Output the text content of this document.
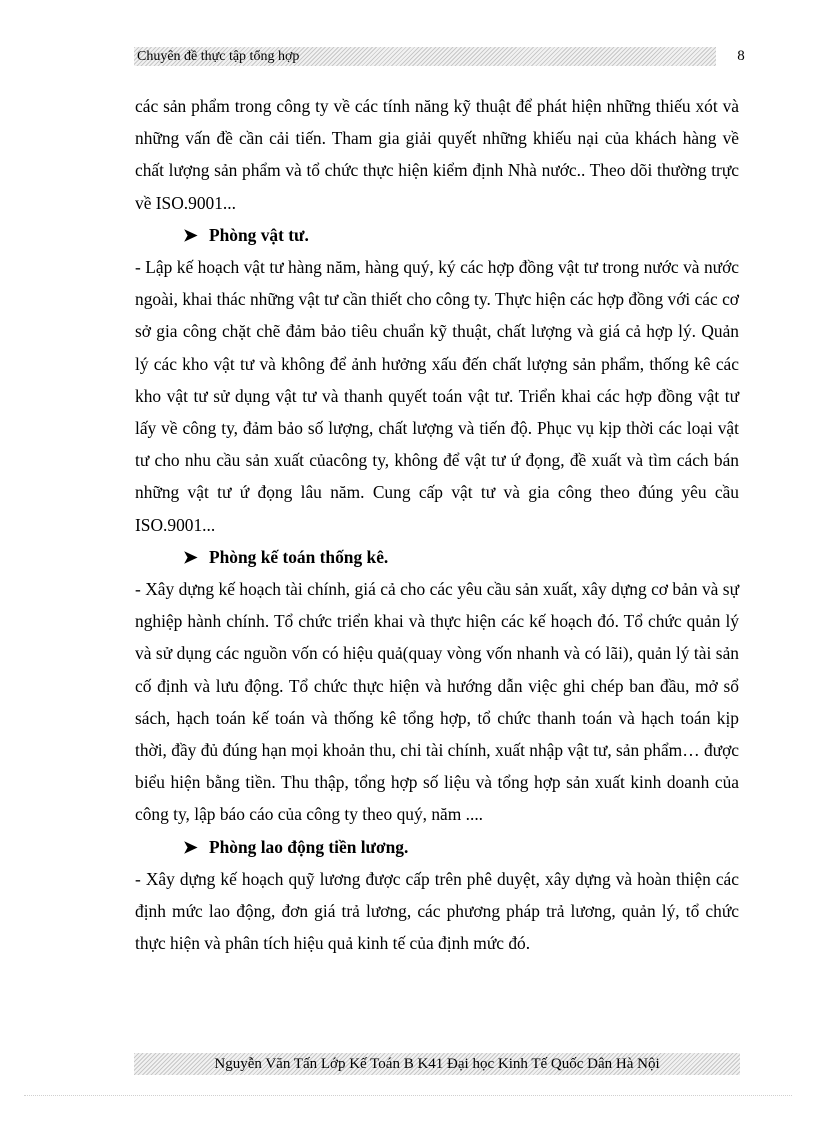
Chuyên đề thực tập tổng hợp	8

các sản phẩm trong công ty về các tính năng kỹ thuật để phát hiện những thiếu xót và những vấn đề cần cải tiến. Tham gia giải quyết những khiếu nại của khách hàng về chất lượng sản phẩm và tổ chức thực hiện kiểm định Nhà nước.. Theo dõi thường trực về ISO.9001...

➤ Phòng vật tư.

- Lập kế hoạch vật tư hàng năm, hàng quý, ký các hợp đồng vật tư trong nước và nước ngoài, khai thác những vật tư cần thiết cho công ty. Thực hiện các hợp đồng với các cơ sở gia công chặt chẽ đảm bảo tiêu chuẩn kỹ thuật, chất lượng và giá cả hợp lý. Quản lý các kho vật tư và không để ảnh hưởng xấu đến chất lượng sản phẩm, thống kê các kho vật tư sử dụng vật tư và thanh quyết toán vật tư. Triển khai các hợp đồng vật tư lấy về công ty, đảm bảo số lượng, chất lượng và tiến độ. Phục vụ kịp thời các loại vật tư cho nhu cầu sản xuất củacông ty, không để vật tư ứ đọng, đề xuất và tìm cách bán những vật tư ứ đọng lâu năm. Cung cấp vật tư và gia công theo đúng yêu cầu ISO.9001...

➤ Phòng kế toán thống kê.

- Xây dựng kế hoạch tài chính, giá cả cho các yêu cầu sản xuất, xây dựng cơ bản và sự nghiệp hành chính. Tổ chức triển khai và thực hiện các kế hoạch đó. Tổ chức quản lý và sử dụng các nguồn vốn có hiệu quả(quay vòng vốn nhanh và có lãi), quản lý tài sản cố định và lưu động. Tổ chức thực hiện và hướng dẫn việc ghi chép ban đầu, mở sổ sách, hạch toán kế toán và thống kê tổng hợp, tổ chức thanh toán và hạch toán kịp thời, đầy đủ đúng hạn mọi khoản thu, chi tài chính, xuất nhập vật tư, sản phẩm… được biểu hiện bằng tiền. Thu thập, tổng hợp số liệu và tổng hợp sản xuất kinh doanh của công ty, lập báo cáo của công ty theo quý, năm ....

➤ Phòng lao động tiền lương.

- Xây dựng kế hoạch quỹ lương được cấp trên phê duyệt, xây dựng và hoàn thiện các định mức lao động, đơn giá trả lương, các phương pháp trả lương, quản lý, tổ chức thực hiện và phân tích hiệu quả kinh tế của định mức đó.

Nguyễn Văn Tấn Lớp Kế Toán B K41 Đại học Kinh Tế Quốc Dân Hà Nội
